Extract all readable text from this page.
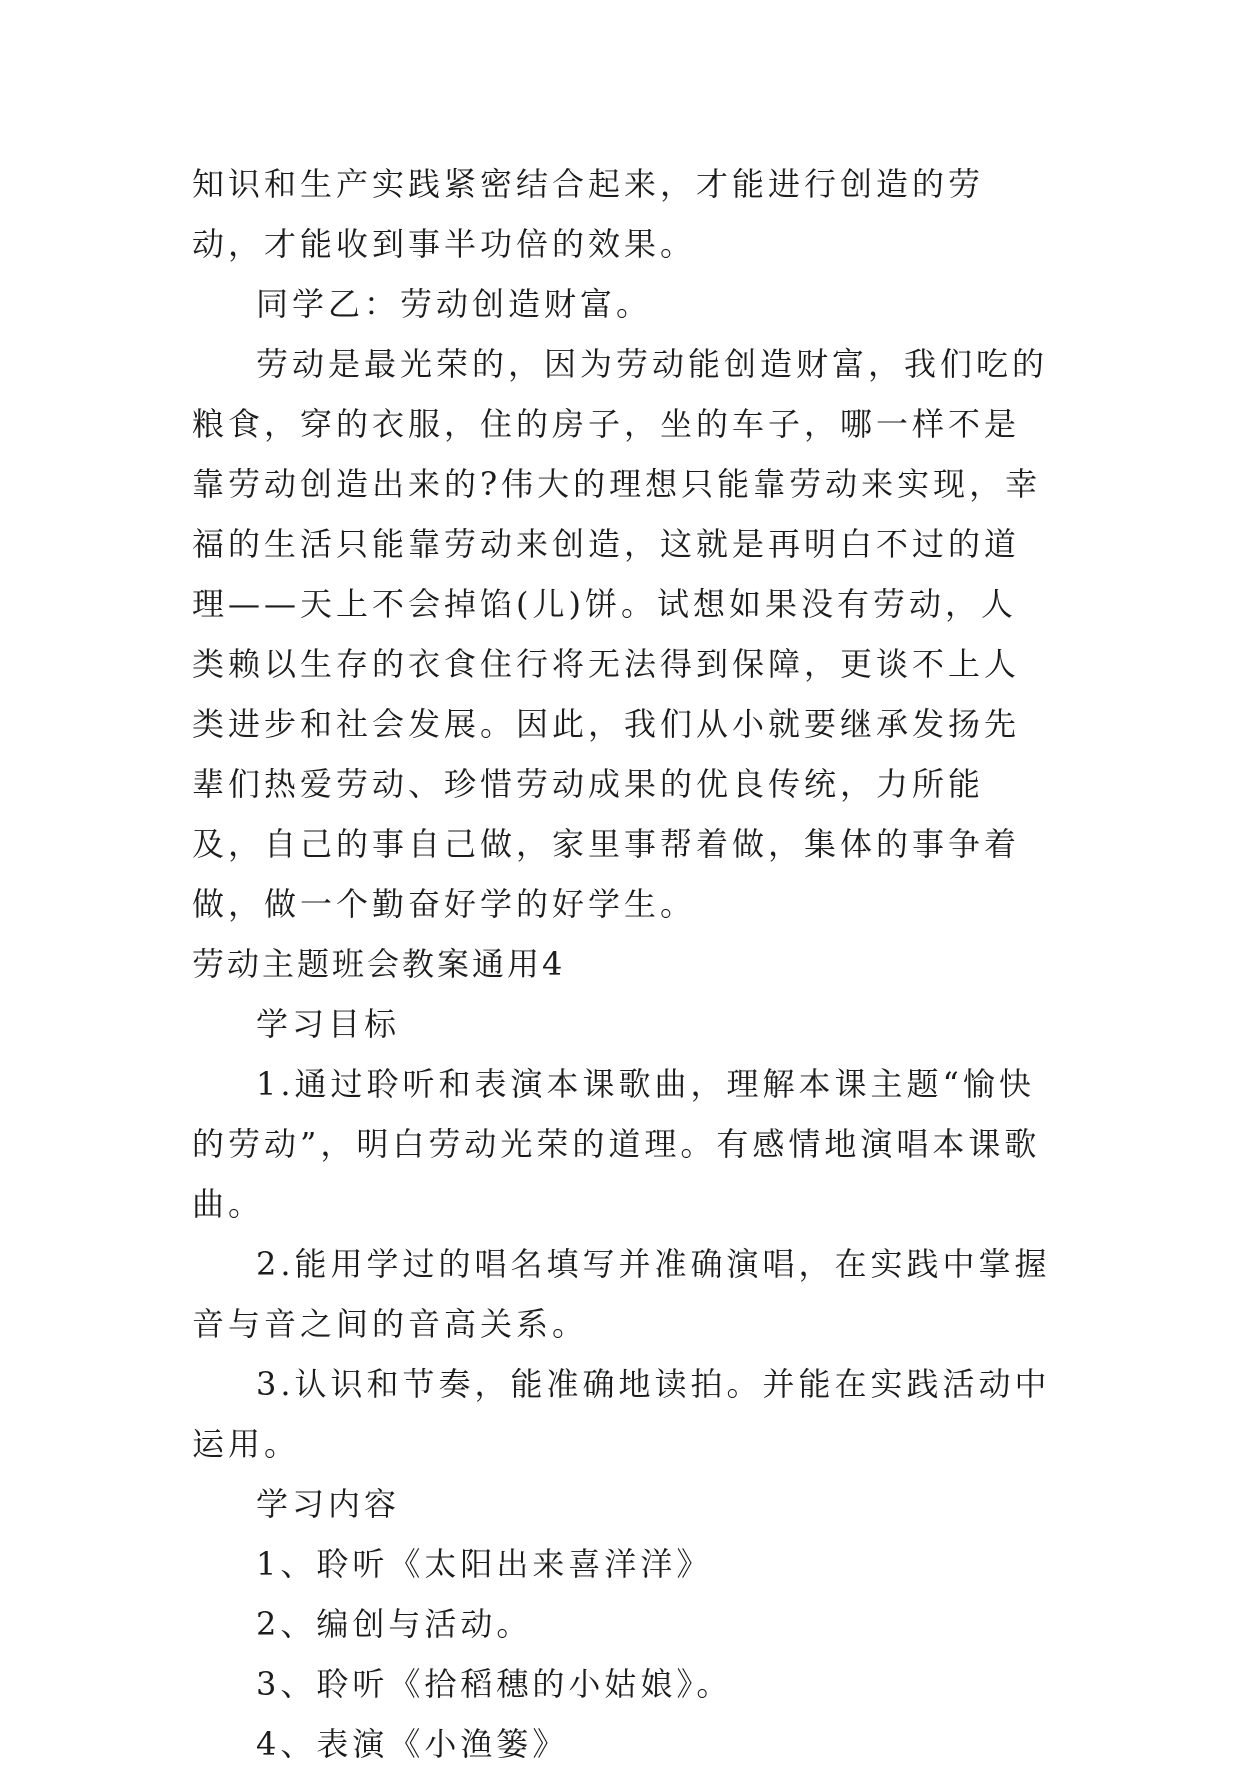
知识和生产实践紧密结合起来，才能进行创造的劳动，才能收到事半功倍的效果。

同学乙：劳动创造财富。

劳动是最光荣的，因为劳动能创造财富，我们吃的粮食，穿的衣服，住的房子，坐的车子，哪一样不是靠劳动创造出来的?伟大的理想只能靠劳动来实现，幸福的生活只能靠劳动来创造，这就是再明白不过的道理——天上不会掉馅(儿)饼。试想如果没有劳动，人类赖以生存的衣食住行将无法得到保障，更谈不上人类进步和社会发展。因此，我们从小就要继承发扬先辈们热爱劳动、珍惜劳动成果的优良传统，力所能及，自己的事自己做，家里事帮着做，集体的事争着做，做一个勤奋好学的好学生。

劳动主题班会教案通用4

学习目标

1.通过聆听和表演本课歌曲，理解本课主题“愉快的劳动”，明白劳动光荣的道理。有感情地演唱本课歌曲。

2.能用学过的唱名填写并准确演唱，在实践中掌握音与音之间的音高关系。

3.认识和节奏，能准确地读拍。并能在实践活动中运用。

学习内容

1、聆听《太阳出来喜洋洋》

2、编创与活动。

3、聆听《拾稻穗的小姑娘》。

4、表演《小渔篓》
